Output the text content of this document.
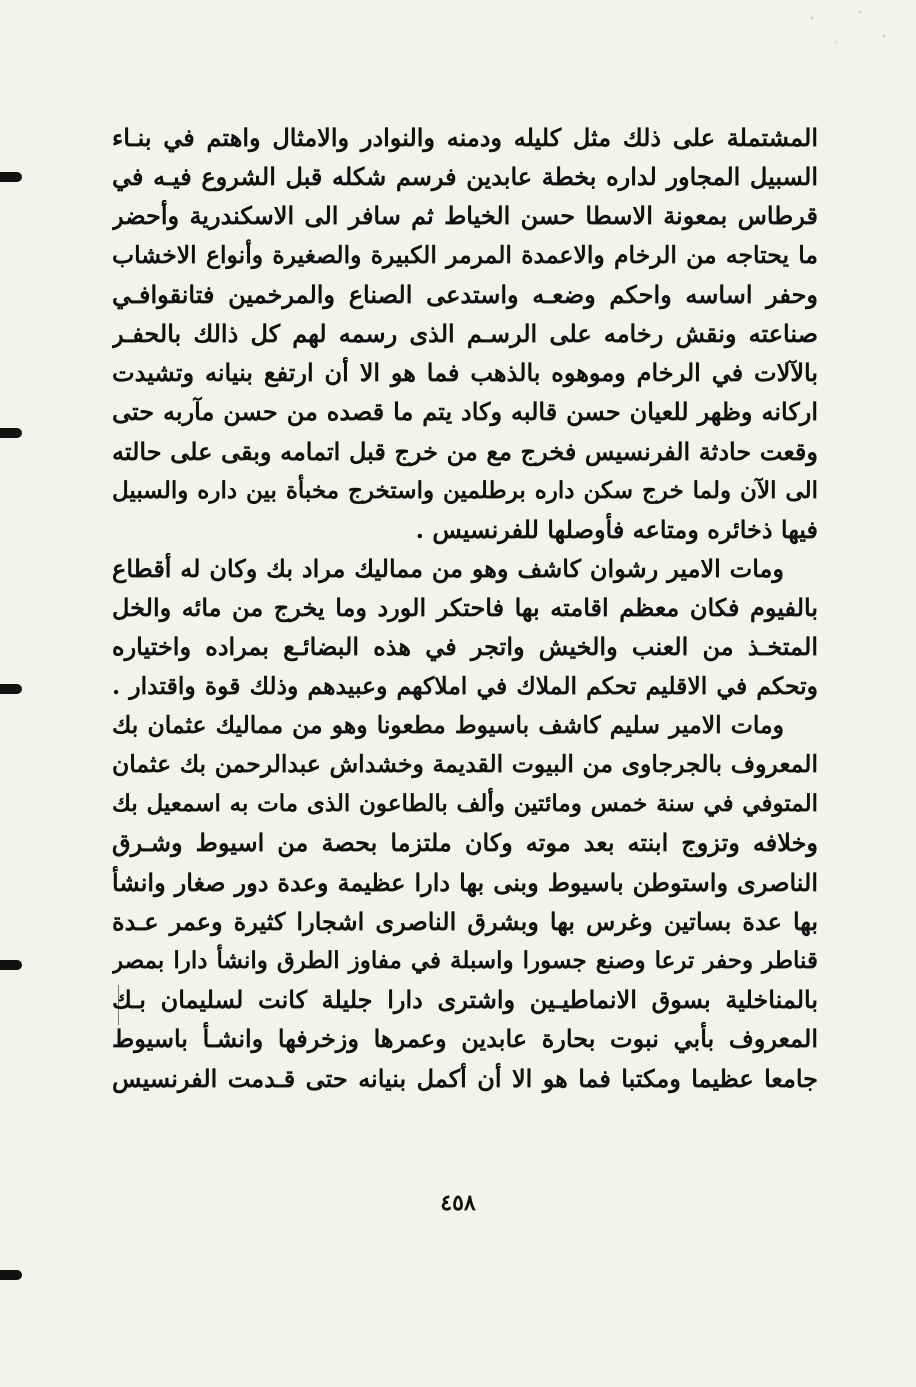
المشتملة على ذلك مثل كليله ودمنه والنوادر والامثال واهتم في بنـاء
السبيل المجاور لداره بخطة عابدين فرسم شكله قبل الشروع فيـه في
قرطاس بمعونة الاسطا حسن الخياط ثم سافر الى الاسكندرية وأحضر
ما يحتاجه من الرخام والاعمدة المرمر الكبيرة والصغيرة وأنواع الاخشاب
وحفر اساسه واحكم وضعـه واستدعى الصناع والمرخمين فتانقوافـي
صناعته ونقش رخامه على الرسـم الذى رسمه لهم كل ذالك بالحفـر
بالآلات في الرخام وموهوه بالذهب فما هو الا أن ارتفع بنيانه وتشيدت
اركانه وظهر للعيان حسن قالبه وكاد يتم ما قصده من حسن مآربه حتى
وقعت حادثة الفرنسيس فخرج مع من خرج قبل اتمامه وبقى على حالته
الى الآن ولما خرج سكن داره برطلمين واستخرج مخبأة بين داره والسبيل
فيها ذخائره ومتاعه فأوصلها للفرنسيس .
ومات الامير رشوان كاشف وهو من مماليك مراد بك وكان له أقطاع
بالفيوم فكان معظم اقامته بها فاحتكر الورد وما يخرج من مائه والخل
المتخـذ من العنب والخيش واتجر في هذه البضائـع بمراده واختياره
وتحكم في الاقليم تحكم الملاك في املاكهم وعبيدهم وذلك قوة واقتدار .
ومات الامير سليم كاشف باسيوط مطعونا وهو من مماليك عثمان بك
المعروف بالجرجاوى من البيوت القديمة وخشداش عبدالرحمن بك عثمان
المتوفي في سنة خمس ومائتين وألف بالطاعون الذى مات به اسمعيل بك
وخلافه وتزوج ابنته بعد موته وكان ملتزما بحصة من اسيوط وشـرق
الناصرى واستوطن باسيوط وبنى بها دارا عظيمة وعدة دور صغار وانشأ
بها عدة بساتين وغرس بها وبشرق الناصرى اشجارا كثيرة وعمر عـدة
قناطر وحفر ترعا وصنع جسورا واسبلة في مفاوز الطرق وانشأ دارا بمصر
بالمناخلية بسوق الانماطيـين واشترى دارا جليلة كانت لسليمان بـك
المعروف بأبي نبوت بحارة عابدين وعمرها وزخرفها وانشـأ باسيوط
جامعا عظيما ومكتبا فما هو الا أن أكمل بنيانه حتى قـدمت الفرنسيس
٤٥٨
